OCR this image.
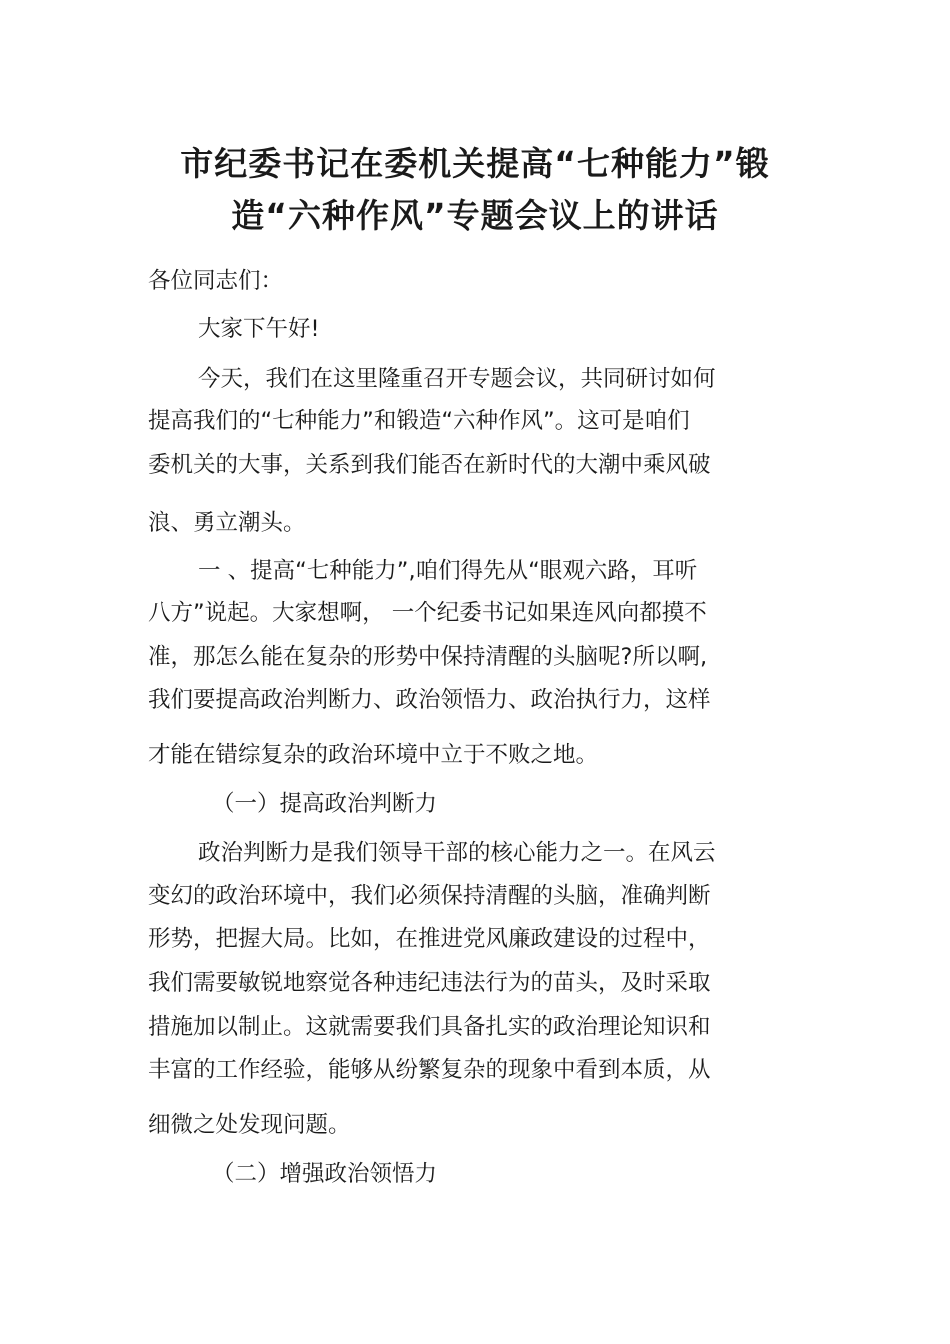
市纪委书记在委机关提高“七种能力”锻
造“六种作风”专题会议上的讲话
各位同志们：
大家下午好!
今天，我们在这里隆重召开专题会议，共同研讨如何
提高我们的“七种能力”和锻造“六种作风”。这可是咱们
委机关的大事，关系到我们能否在新时代的大潮中乘风破
浪、勇立潮头。
一 、提高“七种能力”,咱们得先从“眼观六路，耳听
八方”说起。大家想啊， 一个纪委书记如果连风向都摸不
准，那怎么能在复杂的形势中保持清醒的头脑呢?所以啊,
我们要提高政治判断力、政治领悟力、政治执行力，这样
才能在错综复杂的政治环境中立于不败之地。
（一）提高政治判断力
政治判断力是我们领导干部的核心能力之一。在风云
变幻的政治环境中，我们必须保持清醒的头脑，准确判断
形势，把握大局。比如，在推进党风廉政建设的过程中，
我们需要敏锐地察觉各种违纪违法行为的苗头，及时采取
措施加以制止。这就需要我们具备扎实的政治理论知识和
丰富的工作经验，能够从纷繁复杂的现象中看到本质，从
细微之处发现问题。
（二）增强政治领悟力
